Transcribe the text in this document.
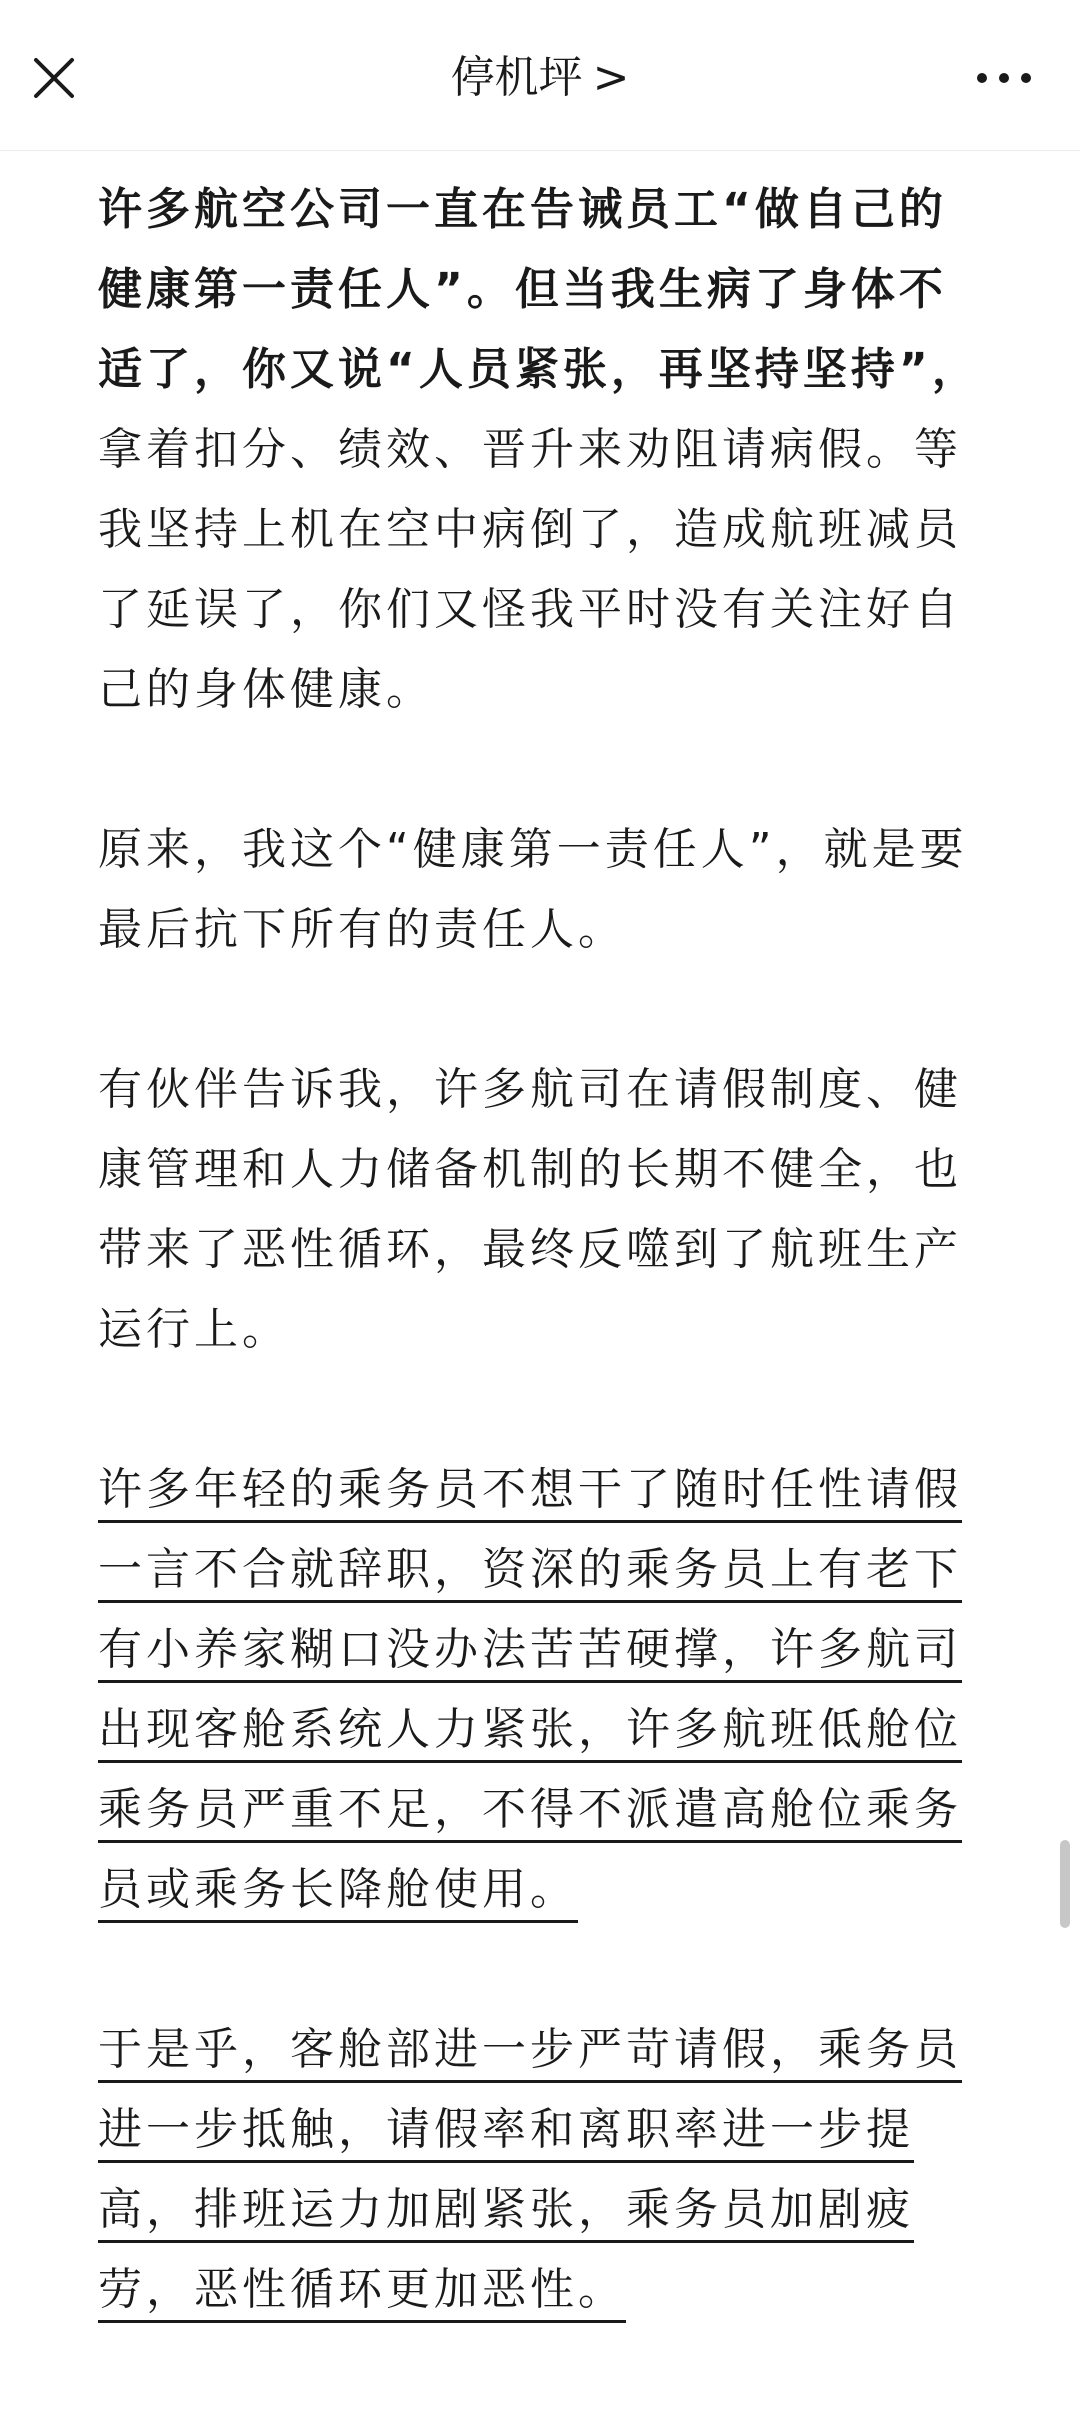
停机坪 >

许多航空公司一直在告诫员工“做自己的健康第一责任人”。但当我生病了身体不适了，你又说“人员紧张，再坚持坚持”，拿着扣分、绩效、晋升来劝阻请病假。等我坚持上机在空中病倒了，造成航班减员了延误了，你们又怪我平时没有关注好自己的身体健康。

原来，我这个“健康第一责任人”，就是要最后抗下所有的责任人。

有伙伴告诉我，许多航司在请假制度、健康管理和人力储备机制的长期不健全，也带来了恶性循环，最终反噬到了航班生产运行上。

许多年轻的乘务员不想干了随时任性请假一言不合就辞职，资深的乘务员上有老下有小养家糊口没办法苦苦硬撑，许多航司出现客舱系统人力紧张，许多航班低舱位乘务员严重不足，不得不派遣高舱位乘务员或乘务长降舱使用。

于是乎，客舱部进一步严苛请假，乘务员进一步抵触，请假率和离职率进一步提高，排班运力加剧紧张，乘务员加剧疲劳，恶性循环更加恶性。
